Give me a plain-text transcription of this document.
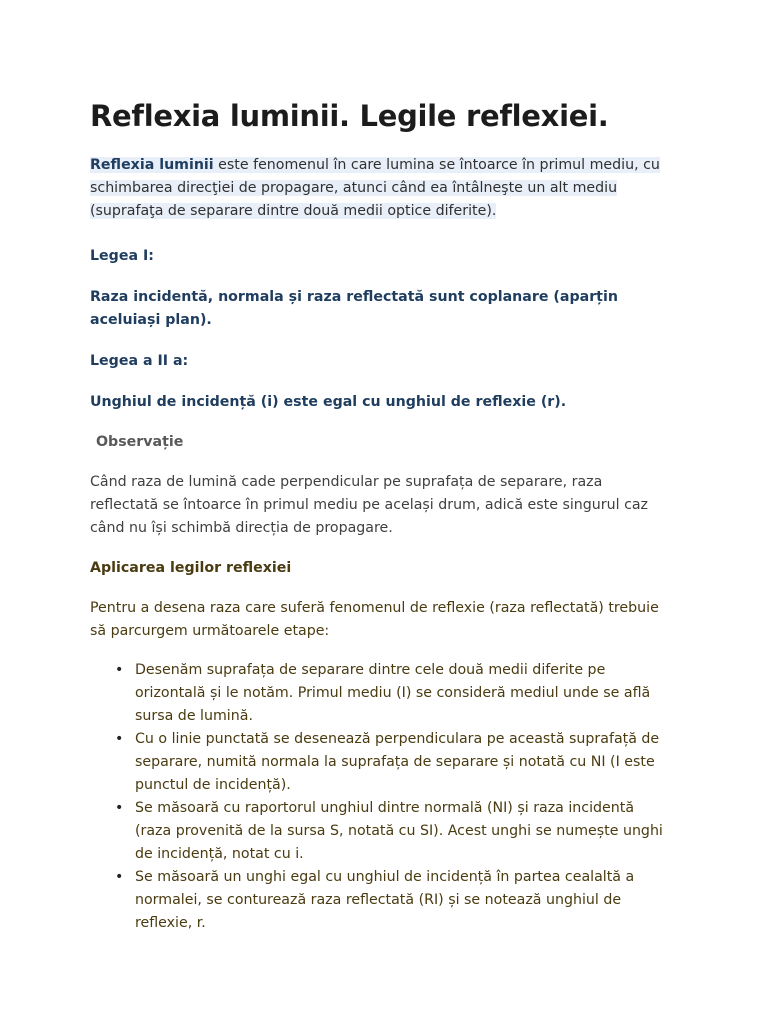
Reflexia luminii. Legile reflexiei.

Reflexia luminii este fenomenul în care lumina se întoarce în primul mediu, cu schimbarea direcţiei de propagare, atunci când ea întâlneşte un alt mediu (suprafaţa de separare dintre două medii optice diferite).

Legea I:

Raza incidentă, normala și raza reflectată sunt coplanare (aparțin aceluiași plan).

Legea a II a:

Unghiul de incidență (i) este egal cu unghiul de reflexie (r).

Observație

Când raza de lumină cade perpendicular pe suprafața de separare, raza reflectată se întoarce în primul mediu pe același drum, adică este singurul caz când nu își schimbă direcția de propagare.

Aplicarea legilor reflexiei

Pentru a desena raza care suferă fenomenul de reflexie (raza reflectată) trebuie să parcurgem următoarele etape:

• Desenăm suprafața de separare dintre cele două medii diferite pe orizontală și le notăm. Primul mediu (I) se consideră mediul unde se află sursa de lumină.
• Cu o linie punctată se desenează perpendiculara pe această suprafață de separare, numită normala la suprafața de separare și notată cu NI (I este punctul de incidență).
• Se măsoară cu raportorul unghiul dintre normală (NI) și raza incidentă (raza provenită de la sursa S, notată cu SI). Acest unghi se numește unghi de incidență, notat cu i.
• Se măsoară un unghi egal cu unghiul de incidență în partea cealaltă a normalei, se conturează raza reflectată (RI) și se notează unghiul de reflexie, r.
